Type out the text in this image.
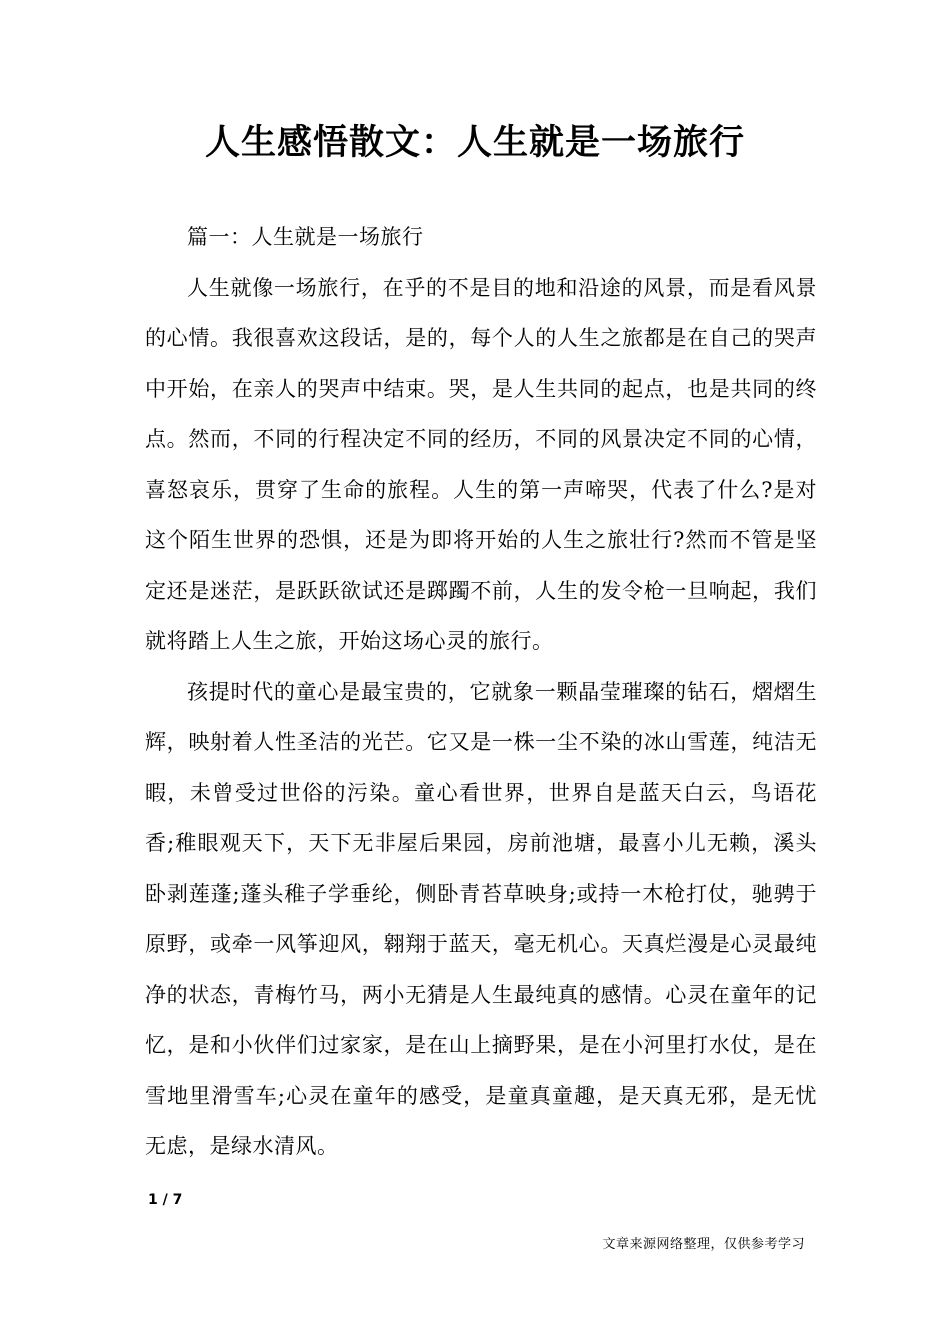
人生感悟散文：人生就是一场旅行

篇一：人生就是一场旅行

人生就像一场旅行，在乎的不是目的地和沿途的风景，而是看风景的心情。我很喜欢这段话，是的，每个人的人生之旅都是在自己的哭声中开始，在亲人的哭声中结束。哭，是人生共同的起点，也是共同的终点。然而，不同的行程决定不同的经历，不同的风景决定不同的心情，喜怒哀乐，贯穿了生命的旅程。人生的第一声啼哭，代表了什么?是对这个陌生世界的恐惧，还是为即将开始的人生之旅壮行?然而不管是坚定还是迷茫，是跃跃欲试还是踯躅不前，人生的发令枪一旦响起，我们就将踏上人生之旅，开始这场心灵的旅行。

孩提时代的童心是最宝贵的，它就象一颗晶莹璀璨的钻石，熠熠生辉，映射着人性圣洁的光芒。它又是一株一尘不染的冰山雪莲，纯洁无暇，未曾受过世俗的污染。童心看世界，世界自是蓝天白云，鸟语花香;稚眼观天下，天下无非屋后果园，房前池塘，最喜小儿无赖，溪头卧剥莲蓬;蓬头稚子学垂纶，侧卧青苔草映身;或持一木枪打仗，驰骋于原野，或牵一风筝迎风，翱翔于蓝天，毫无机心。天真烂漫是心灵最纯净的状态，青梅竹马，两小无猜是人生最纯真的感情。心灵在童年的记忆，是和小伙伴们过家家，是在山上摘野果，是在小河里打水仗，是在雪地里滑雪车;心灵在童年的感受，是童真童趣，是天真无邪，是无忧无虑，是绿水清风。

1 / 7
文章来源网络整理，仅供参考学习
